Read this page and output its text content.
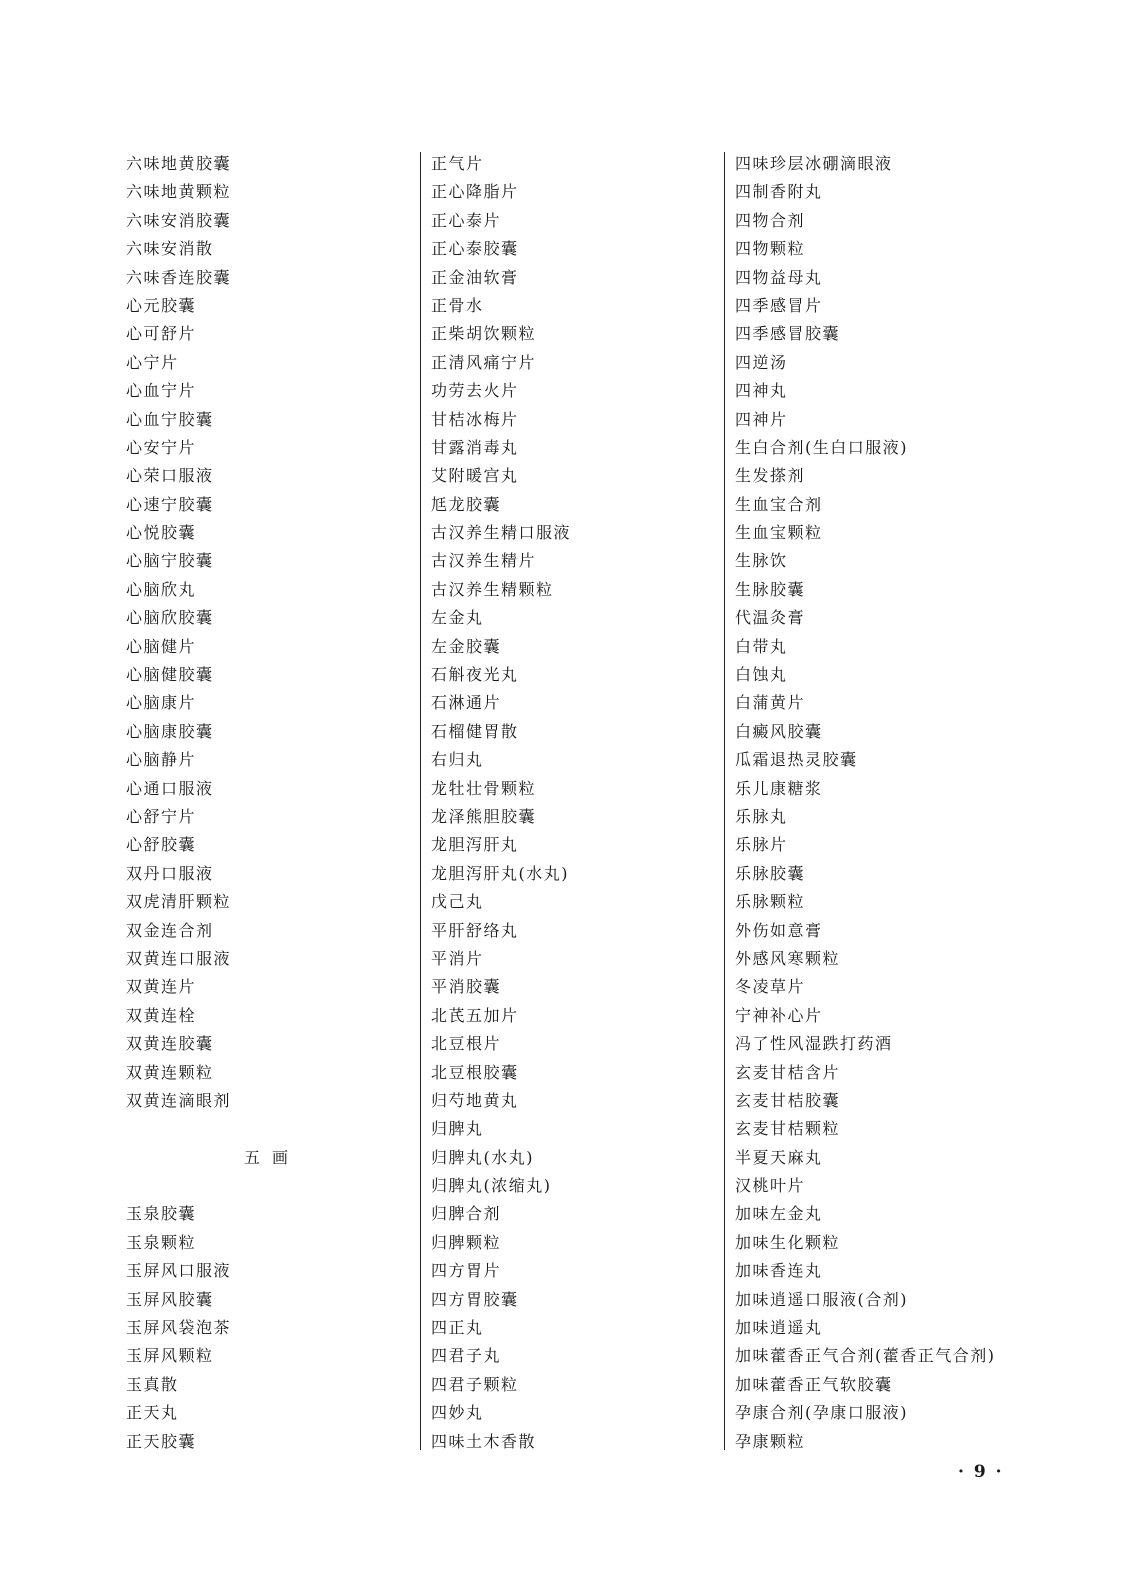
六味地黄胶囊
六味地黄颗粒
六味安消胶囊
六味安消散
六味香连胶囊
心元胶囊
心可舒片
心宁片
心血宁片
心血宁胶囊
心安宁片
心荣口服液
心速宁胶囊
心悦胶囊
心脑宁胶囊
心脑欣丸
心脑欣胶囊
心脑健片
心脑健胶囊
心脑康片
心脑康胶囊
心脑静片
心通口服液
心舒宁片
心舒胶囊
双丹口服液
双虎清肝颗粒
双金连合剂
双黄连口服液
双黄连片
双黄连栓
双黄连胶囊
双黄连颗粒
双黄连滴眼剂
五画
玉泉胶囊
玉泉颗粒
玉屏风口服液
玉屏风胶囊
玉屏风袋泡茶
玉屏风颗粒
玉真散
正天丸
正天胶囊
正气片
正心降脂片
正心泰片
正心泰胶囊
正金油软膏
正骨水
正柴胡饮颗粒
正清风痛宁片
功劳去火片
甘桔冰梅片
甘露消毒丸
艾附暖宫丸
尪龙胶囊
古汉养生精口服液
古汉养生精片
古汉养生精颗粒
左金丸
左金胶囊
石斛夜光丸
石淋通片
石榴健胃散
右归丸
龙牡壮骨颗粒
龙泽熊胆胶囊
龙胆泻肝丸
龙胆泻肝丸(水丸)
戊己丸
平肝舒络丸
平消片
平消胶囊
北芪五加片
北豆根片
北豆根胶囊
归芍地黄丸
归脾丸
归脾丸(水丸)
归脾丸(浓缩丸)
归脾合剂
归脾颗粒
四方胃片
四方胃胶囊
四正丸
四君子丸
四君子颗粒
四妙丸
四味土木香散
四味珍层冰硼滴眼液
四制香附丸
四物合剂
四物颗粒
四物益母丸
四季感冒片
四季感冒胶囊
四逆汤
四神丸
四神片
生白合剂(生白口服液)
生发搽剂
生血宝合剂
生血宝颗粒
生脉饮
生脉胶囊
代温灸膏
白带丸
白蚀丸
白蒲黄片
白癜风胶囊
瓜霜退热灵胶囊
乐儿康糖浆
乐脉丸
乐脉片
乐脉胶囊
乐脉颗粒
外伤如意膏
外感风寒颗粒
冬凌草片
宁神补心片
冯了性风湿跌打药酒
玄麦甘桔含片
玄麦甘桔胶囊
玄麦甘桔颗粒
半夏天麻丸
汉桃叶片
加味左金丸
加味生化颗粒
加味香连丸
加味逍遥口服液(合剂)
加味逍遥丸
加味藿香正气合剂(藿香正气合剂)
加味藿香正气软胶囊
孕康合剂(孕康口服液)
孕康颗粒
· 9 ·
